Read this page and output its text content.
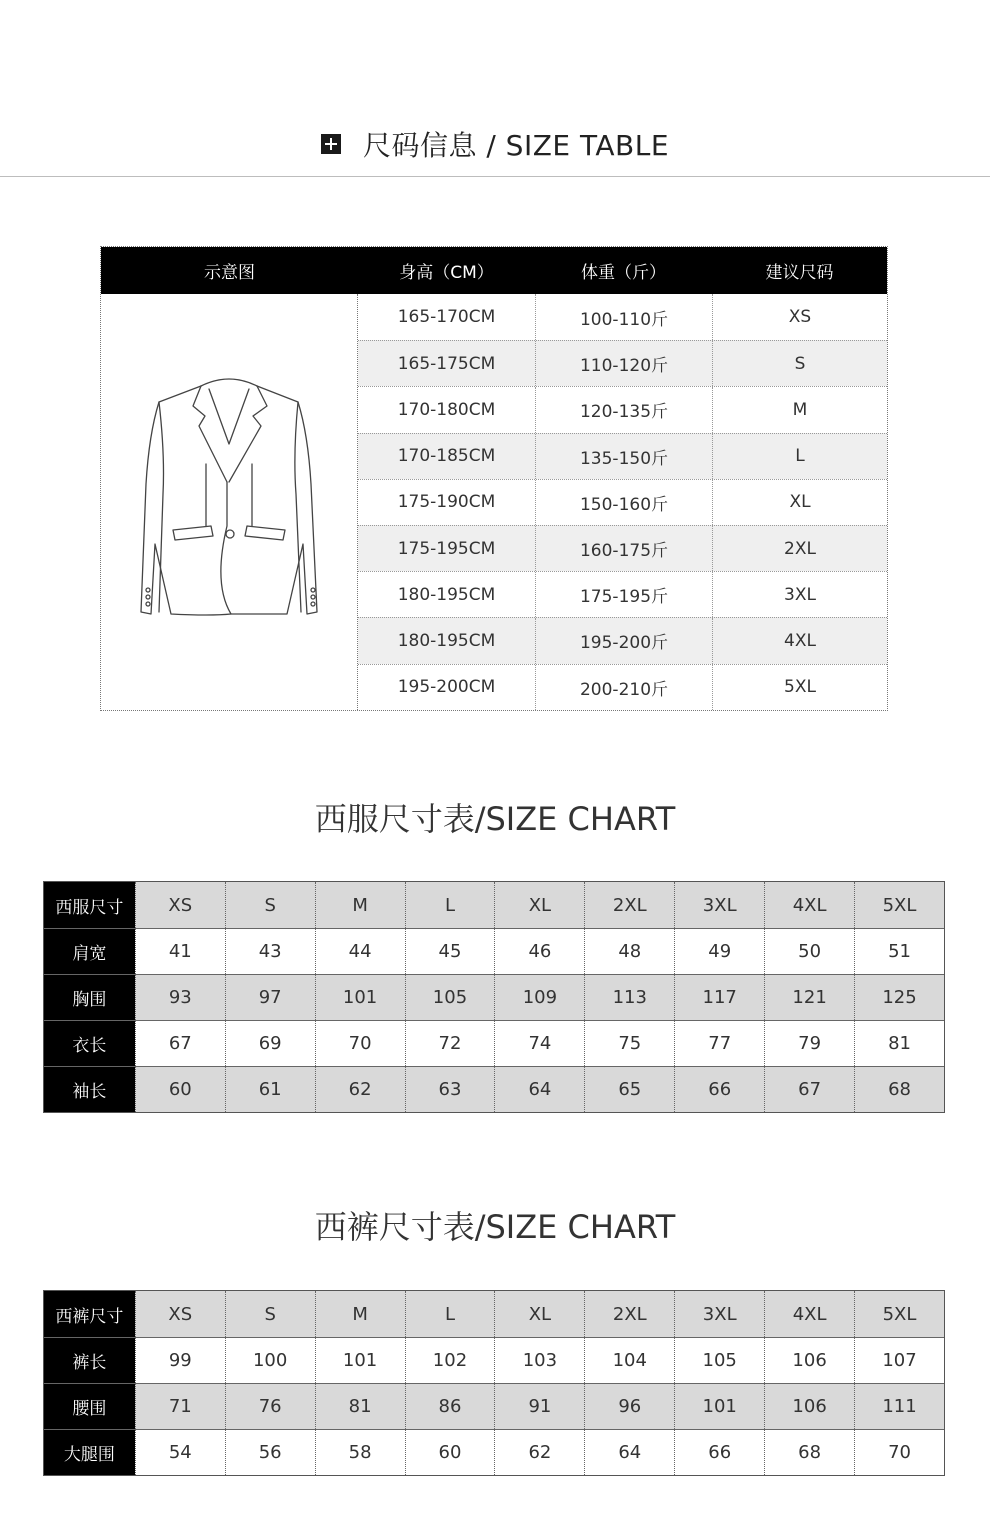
尺码信息 / SIZE TABLE
示意图	身高（CM）	体重（斤）	建议尺码
165-170CM	100-110斤	XS
165-175CM	110-120斤	S
170-180CM	120-135斤	M
170-185CM	135-150斤	L
175-190CM	150-160斤	XL
175-195CM	160-175斤	2XL
180-195CM	175-195斤	3XL
180-195CM	195-200斤	4XL
195-200CM	200-210斤	5XL
西服尺寸表/SIZE CHART
西服尺寸	XS	S	M	L	XL	2XL	3XL	4XL	5XL
肩宽	41	43	44	45	46	48	49	50	51
胸围	93	97	101	105	109	113	117	121	125
衣长	67	69	70	72	74	75	77	79	81
袖长	60	61	62	63	64	65	66	67	68
西裤尺寸表/SIZE CHART
西裤尺寸	XS	S	M	L	XL	2XL	3XL	4XL	5XL
裤长	99	100	101	102	103	104	105	106	107
腰围	71	76	81	86	91	96	101	106	111
大腿围	54	56	58	60	62	64	66	68	70
